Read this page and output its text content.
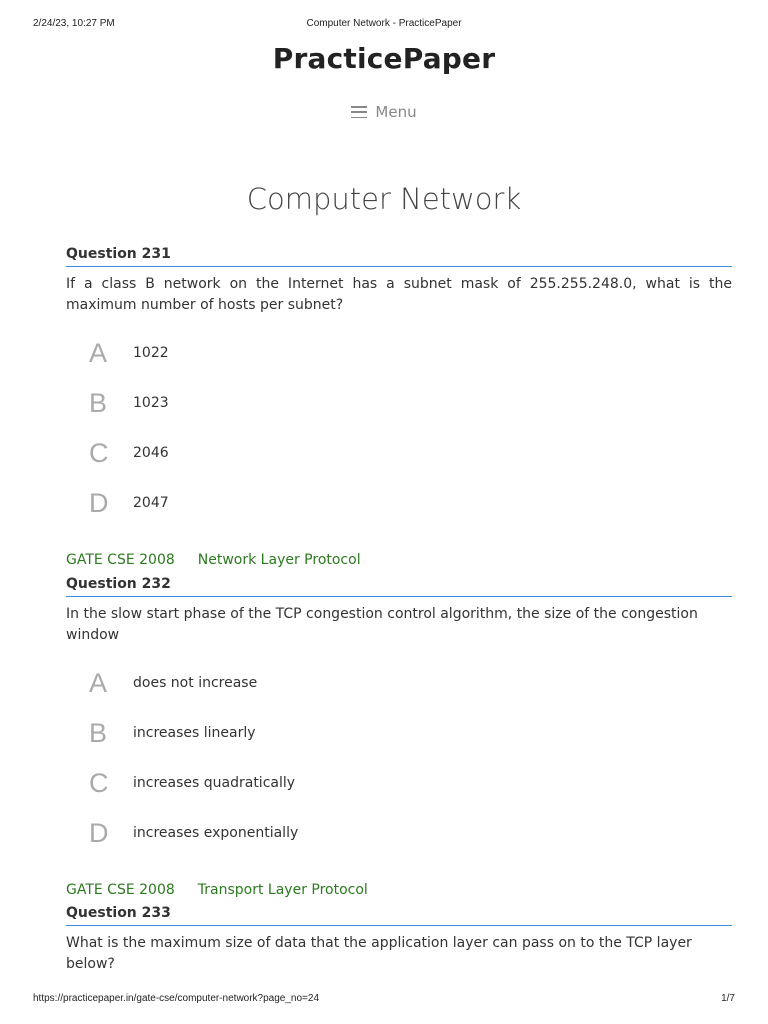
2/24/23, 10:27 PM	Computer Network - PracticePaper
PracticePaper
Menu
Computer Network
Question 231
If a class B network on the Internet has a subnet mask of 255.255.248.0, what is the maximum number of hosts per subnet?
A	1022
B	1023
C	2046
D	2047
GATE CSE 2008 Network Layer Protocol
Question 232
In the slow start phase of the TCP congestion control algorithm, the size of the congestion window
A	does not increase
B	increases linearly
C	increases quadratically
D	increases exponentially
GATE CSE 2008 Transport Layer Protocol
Question 233
What is the maximum size of data that the application layer can pass on to the TCP layer below?
https://practicepaper.in/gate-cse/computer-network?page_no=24	1/7
